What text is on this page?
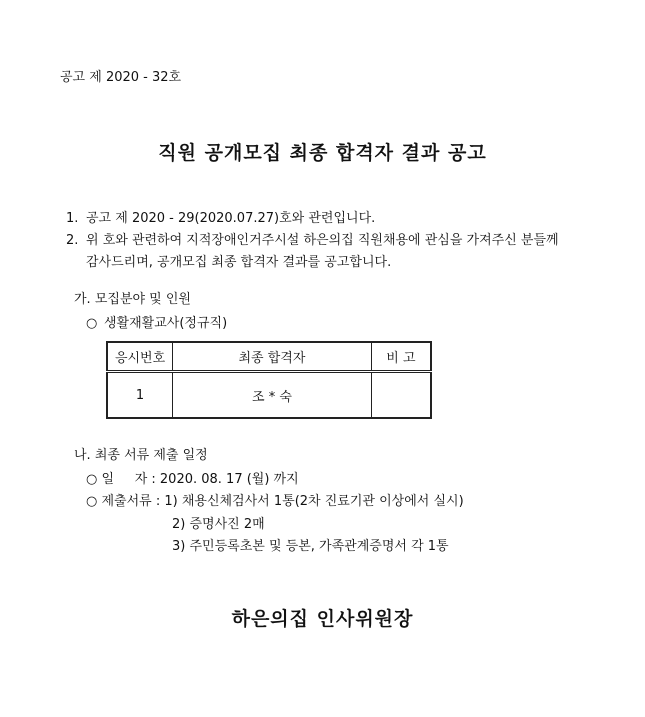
공고 제 2020 - 32호
직원 공개모집 최종 합격자 결과 공고
1. 공고 제 2020 - 29(2020.07.27)호와 관련입니다.
2. 위 호와 관련하여 지적장애인거주시설 하은의집 직원채용에 관심을 가져주신 분들께
감사드리며, 공개모집 최종 합격자 결과를 공고합니다.
가. 모집분야 및 인원
○ 생활재활교사(정규직)
응시번호	최종 합격자	비 고
1	조 * 숙	
나. 최종 서류 제출 일정
○ 일     자 : 2020. 08. 17 (월) 까지
○ 제출서류 : 1) 채용신체검사서 1통(2차 진료기관 이상에서 실시)
2) 증명사진 2매
3) 주민등록초본 및 등본, 가족관계증명서 각 1통
하은의집 인사위원장
